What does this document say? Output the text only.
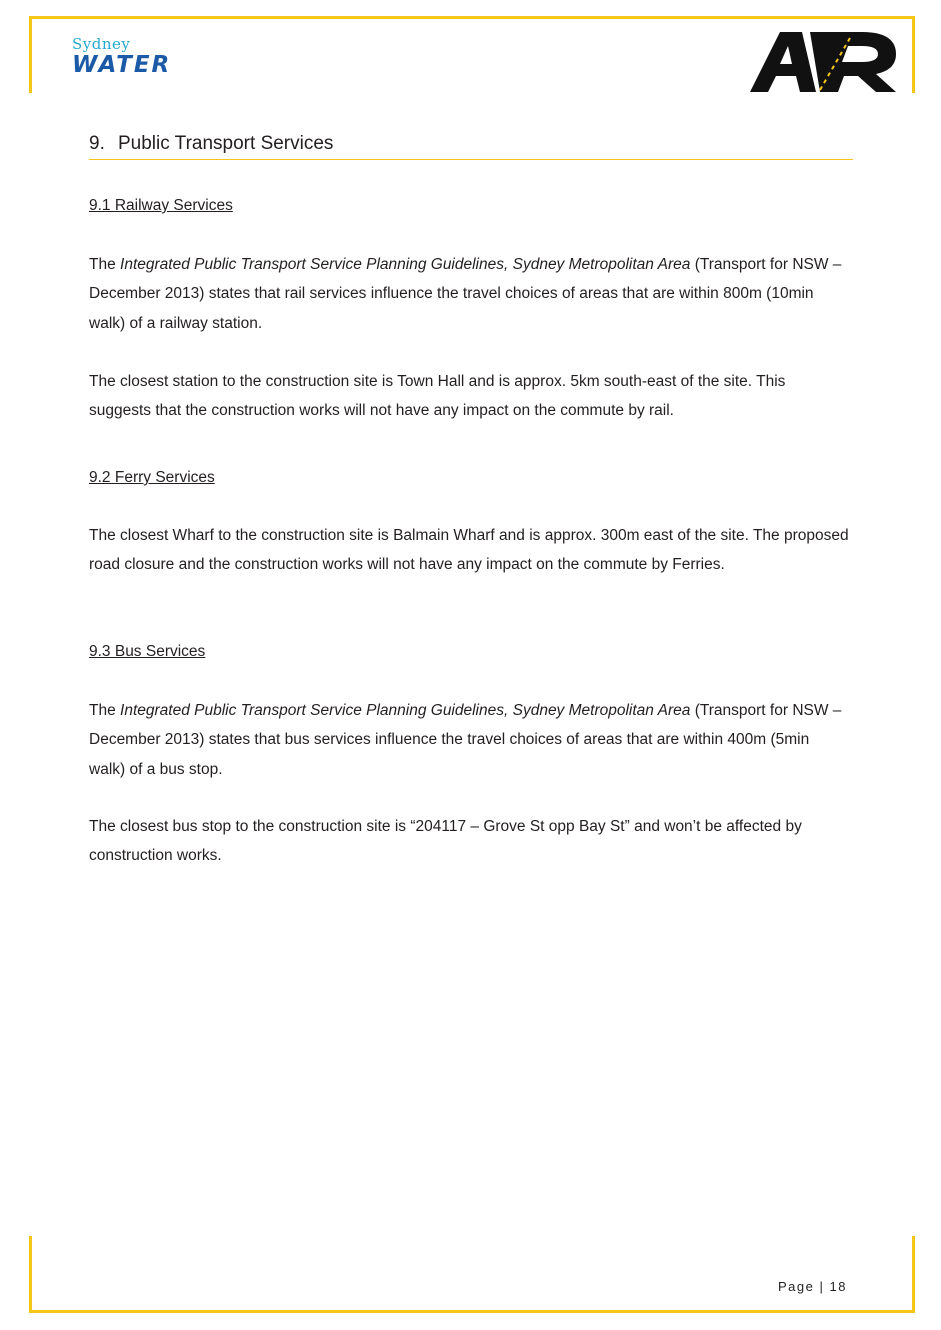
Sydney
WATER
9. Public Transport Services
9.1 Railway Services

The Integrated Public Transport Service Planning Guidelines, Sydney Metropolitan Area (Transport for NSW – December 2013) states that rail services influence the travel choices of areas that are within 800m (10min walk) of a railway station.

The closest station to the construction site is Town Hall and is approx. 5km south-east of the site. This suggests that the construction works will not have any impact on the commute by rail.

9.2 Ferry Services

The closest Wharf to the construction site is Balmain Wharf and is approx. 300m east of the site. The proposed road closure and the construction works will not have any impact on the commute by Ferries.

9.3 Bus Services

The Integrated Public Transport Service Planning Guidelines, Sydney Metropolitan Area (Transport for NSW – December 2013) states that bus services influence the travel choices of areas that are within 400m (5min walk) of a bus stop.

The closest bus stop to the construction site is “204117 – Grove St opp Bay St” and won’t be affected by construction works.

Page | 18
